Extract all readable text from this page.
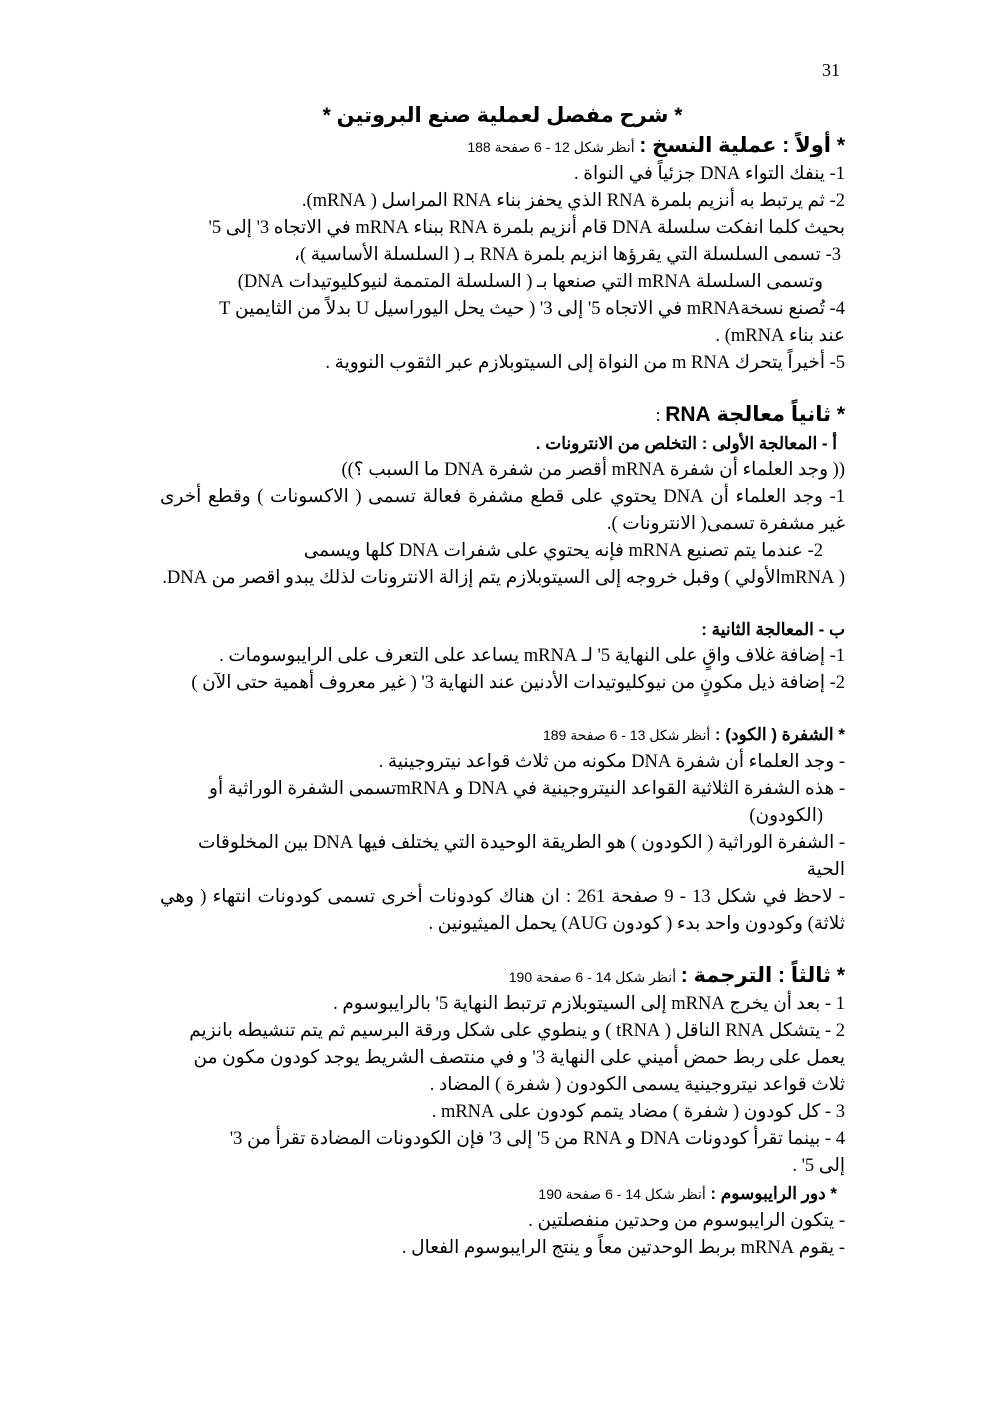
31

* شرح مفصل لعملية صنع البروتين *

* أولاً : عملية النسخ : أنظر شكل 12 - 6 صفحة 188

1- ينفك التواء DNA جزئياً في النواة .

2- ثم يرتبط به أنزيم بلمرة RNA الذي يحفز بناء RNA المراسل ( mRNA).

بحيث كلما انفكت سلسلة DNA قام أنزيم بلمرة RNA ببناء mRNA في الاتجاه 3' إلى 5'

3- تسمى السلسلة التي يقرؤها انزيم بلمرة RNA بـ ( السلسلة الأساسية )،

وتسمى السلسلة mRNA التي صنعها بـ ( السلسلة المتممة لنيوكليوتيدات DNA)

4- تُصنع نسخةmRNA في الاتجاه 5' إلى 3' ( حيث يحل اليوراسيل U بدلاً من الثايمين T

عند بناء mRNA) .

5- أخيراً يتحرك m RNA من النواة إلى السيتوبلازم عبر الثقوب النووية .

* ثانياً معالجة RNA :

أ - المعالجة الأولى : التخلص من الانترونات .

(( وجد العلماء أن شفرة mRNA أقصر من شفرة DNA ما السبب ؟))

1- وجد العلماء أن DNA يحتوي على قطع مشفرة فعالة تسمى ( الاكسونات ) وقطع أخرى غير مشفرة تسمى( الانترونات ).

2- عندما يتم تصنيع mRNA فإنه يحتوي على شفرات DNA كلها ويسمى

( mRNAالأولي ) وقبل خروجه إلى السيتوبلازم يتم إزالة الانترونات لذلك يبدو اقصر من DNA.

ب - المعالجة الثانية :

1- إضافة غلاف واقٍ على النهاية 5' لـ mRNA يساعد على التعرف على الرايبوسومات .

2- إضافة ذيل مكونٍ من نيوكليوتيدات الأدنين عند النهاية 3' ( غير معروف أهمية حتى الآن )

* الشفرة ( الكود) : أنظر شكل 13 - 6 صفحة 189

- وجد العلماء أن شفرة DNA مكونه من ثلاث قواعد نيتروجينية .

- هذه الشفرة الثلاثية القواعد النيتروجينية في DNA و mRNAتسمى الشفرة الوراثية أو

(الكودون)

- الشفرة الوراثية ( الكودون ) هو الطريقة الوحيدة التي يختلف فيها DNA بين المخلوقات الحية

- لاحظ في شكل 13 - 9 صفحة 261 : ان هناك كودونات أخرى تسمى كودونات انتهاء ( وهي ثلاثة) وكودون واحد بدء ( كودون AUG) يحمل الميثيونين .

* ثالثاً : الترجمة : أنظر شكل 14 - 6 صفحة 190

1 - بعد أن يخرج mRNA إلى السيتوبلازم ترتبط النهاية 5' بالرايبوسوم .

2 - يتشكل RNA الناقل ( tRNA ) و ينطوي على شكل ورقة البرسيم ثم يتم تنشيطه بانزيم

يعمل على ربط حمض أميني على النهاية 3' و في منتصف الشريط يوجد كودون مكون من

ثلاث قواعد نيتروجينية يسمى الكودون ( شفرة ) المضاد .

3 - كل كودون ( شفرة ) مضاد يتمم كودون على mRNA .

4 - بينما تقرأ كودونات DNA و RNA من 5' إلى 3' فإن الكودونات المضادة تقرأ من 3'

إلى 5' .

* دور الرايبوسوم : أنظر شكل 14 - 6 صفحة 190

- يتكون الرايبوسوم من وحدتين منفصلتين .

- يقوم mRNA بربط الوحدتين معاً و ينتج الرايبوسوم الفعال .
